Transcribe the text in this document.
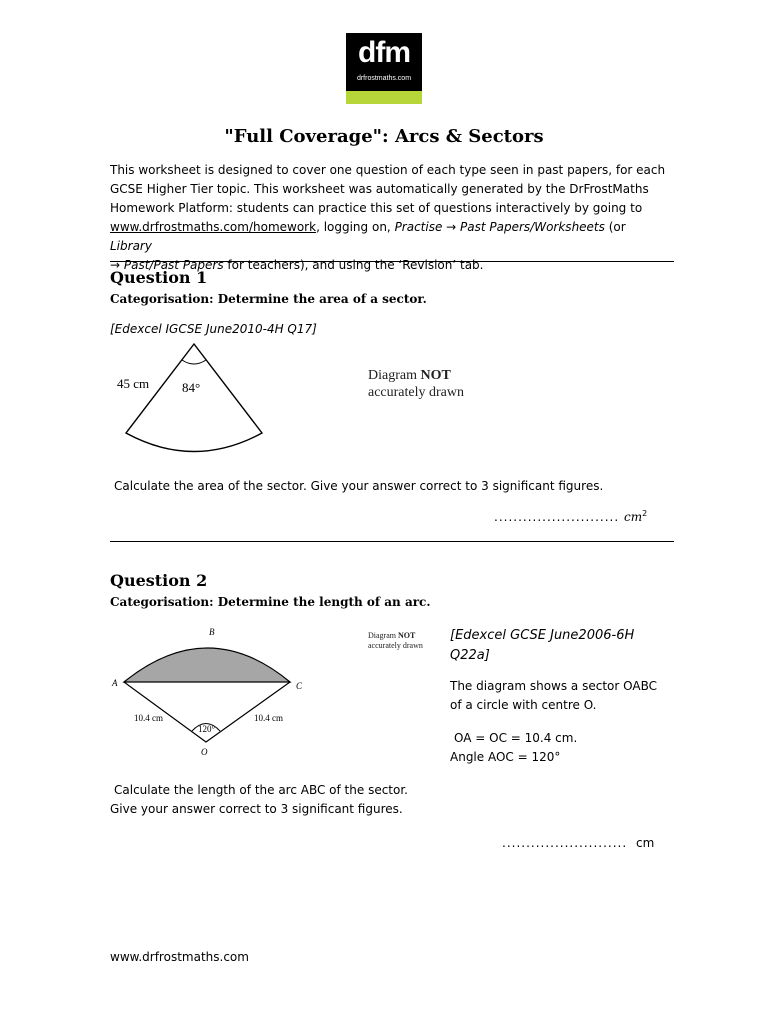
dfm
drfrostmaths.com
"Full Coverage": Arcs & Sectors

This worksheet is designed to cover one question of each type seen in past papers, for each

GCSE Higher Tier topic. This worksheet was automatically generated by the DrFrostMaths

Homework Platform: students can practice this set of questions interactively by going to

www.drfrostmaths.com/homework, logging on, Practise → Past Papers/Worksheets (or Library

→ Past/Past Papers for teachers), and using the ‘Revision’ tab.

Question 1
Categorisation: Determine the area of a sector.
[Edexcel IGCSE June2010-4H Q17]
45 cm	84°
Diagram NOT
accurately drawn
Calculate the area of the sector. Give your answer correct to 3 significant figures.
.......................... $cm^2$
Question 2
Categorisation: Determine the length of an arc.
B
A	C
O
10.4 cm	10.4 cm
120°
Diagram NOT
accurately drawn
[Edexcel GCSE June2006-6H
Q22a]
The diagram shows a sector OABC
of a circle with centre O.
OA = OC = 10.4 cm.
Angle AOC = 120°
Calculate the length of the arc ABC of the sector.
Give your answer correct to 3 significant figures.
.......................... cm
www.drfrostmaths.com
